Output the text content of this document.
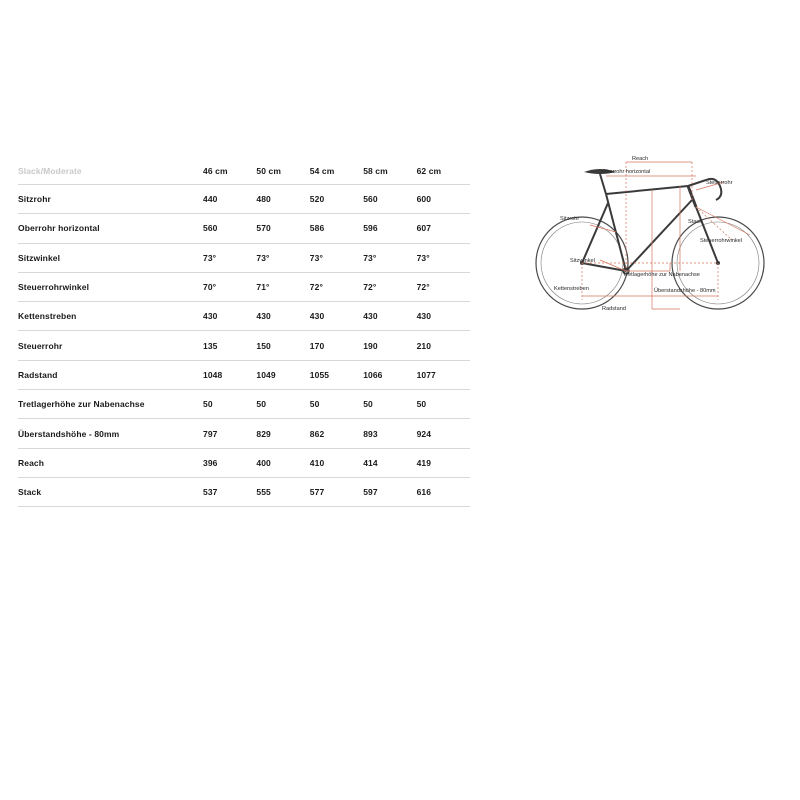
Slack/Moderate	46 cm	50 cm	54 cm	58 cm	62 cm
Sitzrohr	440	480	520	560	600
Oberrohr horizontal	560	570	586	596	607
Sitzwinkel	73°	73°	73°	73°	73°
Steuerrohrwinkel	70°	71°	72°	72°	72°
Kettenstreben	430	430	430	430	430
Steuerrohr	135	150	170	190	210
Radstand	1048	1049	1055	1066	1077
Tretlagerhöhe zur Nabenachse	50	50	50	50	50
Überstandshöhe - 80mm	797	829	862	893	924
Reach	396	400	410	414	419
Stack	537	555	577	597	616
Reach
Oberrohr horizontal
Steuerrohr
Sitzrohr	Stack
Steuerrohrwinkel
Sitzwinkel
Tretlagerhöhe zur Nabenachse
Kettenstreben	Überstandshöhe - 80mm
Radstand
